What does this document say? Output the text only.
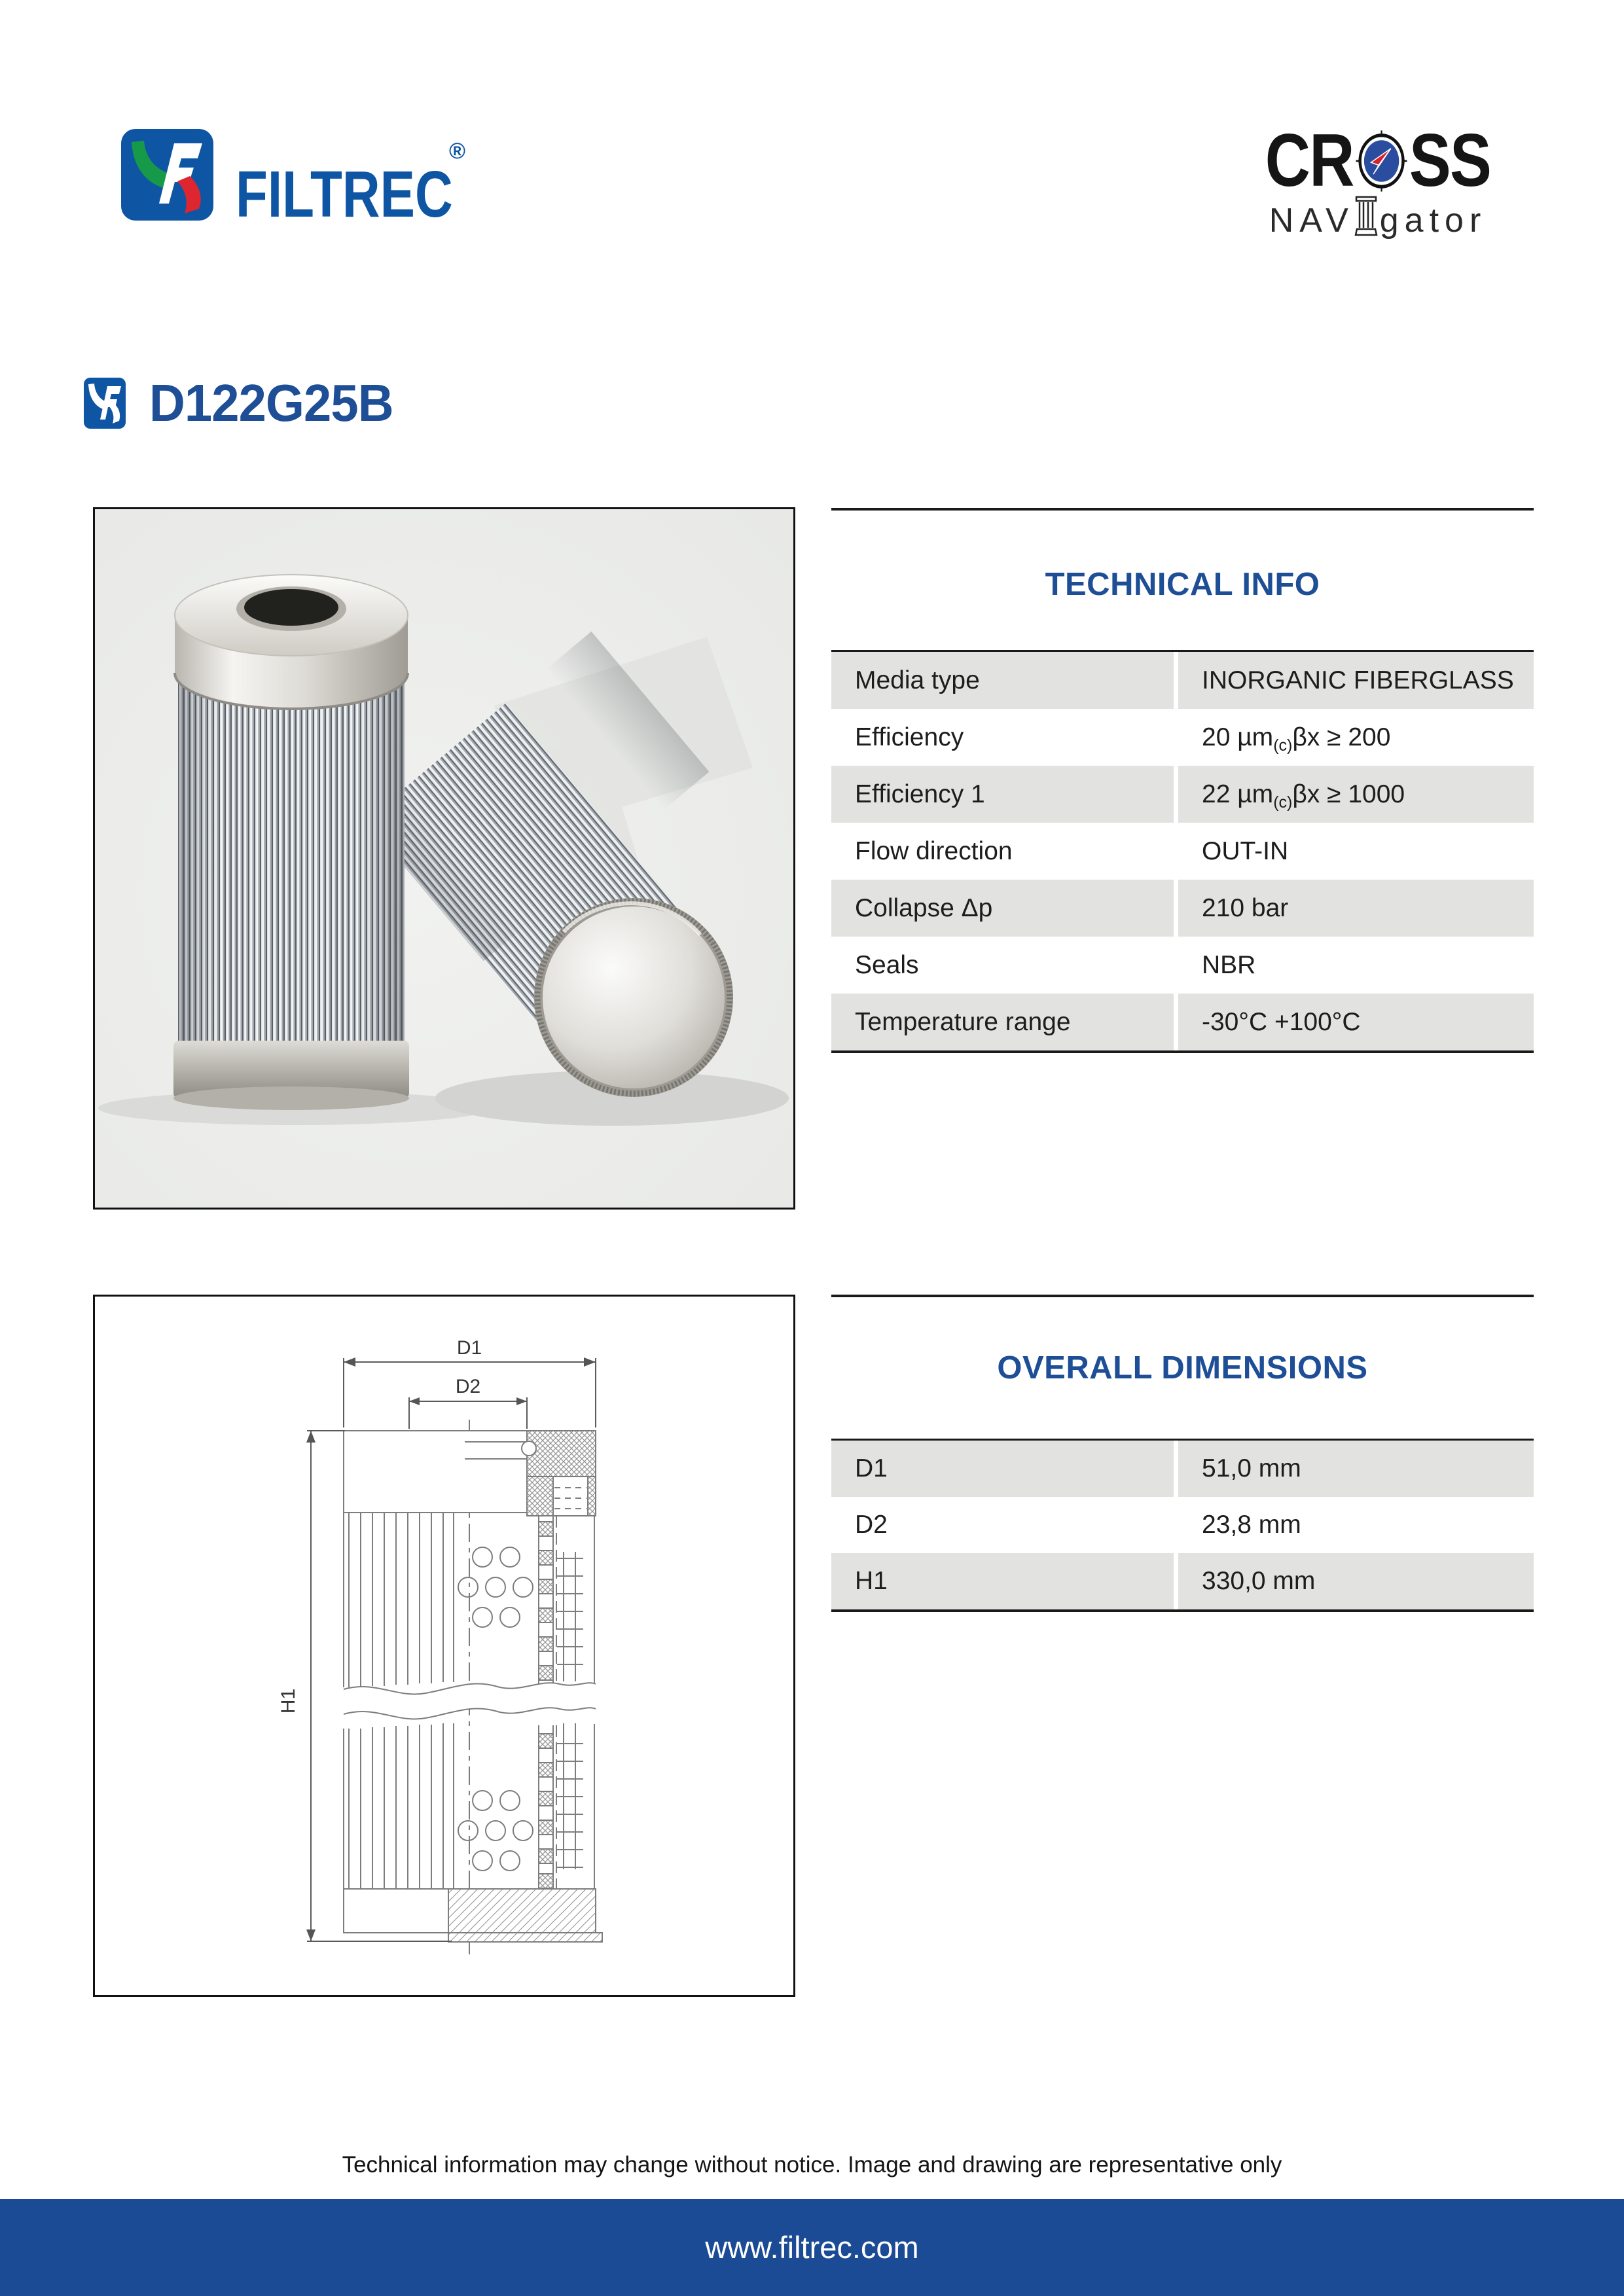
FILTREC
®	CR SS
NAV gator
D122G25B
TECHNICAL INFO
Media type	INORGANIC FIBERGLASS
Efficiency	20 µm (c) βx ≥ 200
Efficiency 1	22 µm (c) βx ≥ 1000
Flow direction	OUT-IN
Collapse Δp	210 bar
Seals	NBR
Temperature range	-30°C +100°C
D1
D2
H1
OVERALL DIMENSIONS
D1	51,0 mm
D2	23,8 mm
H1	330,0 mm
Technical information may change without notice. Image and drawing are representative only
www.filtrec.com
